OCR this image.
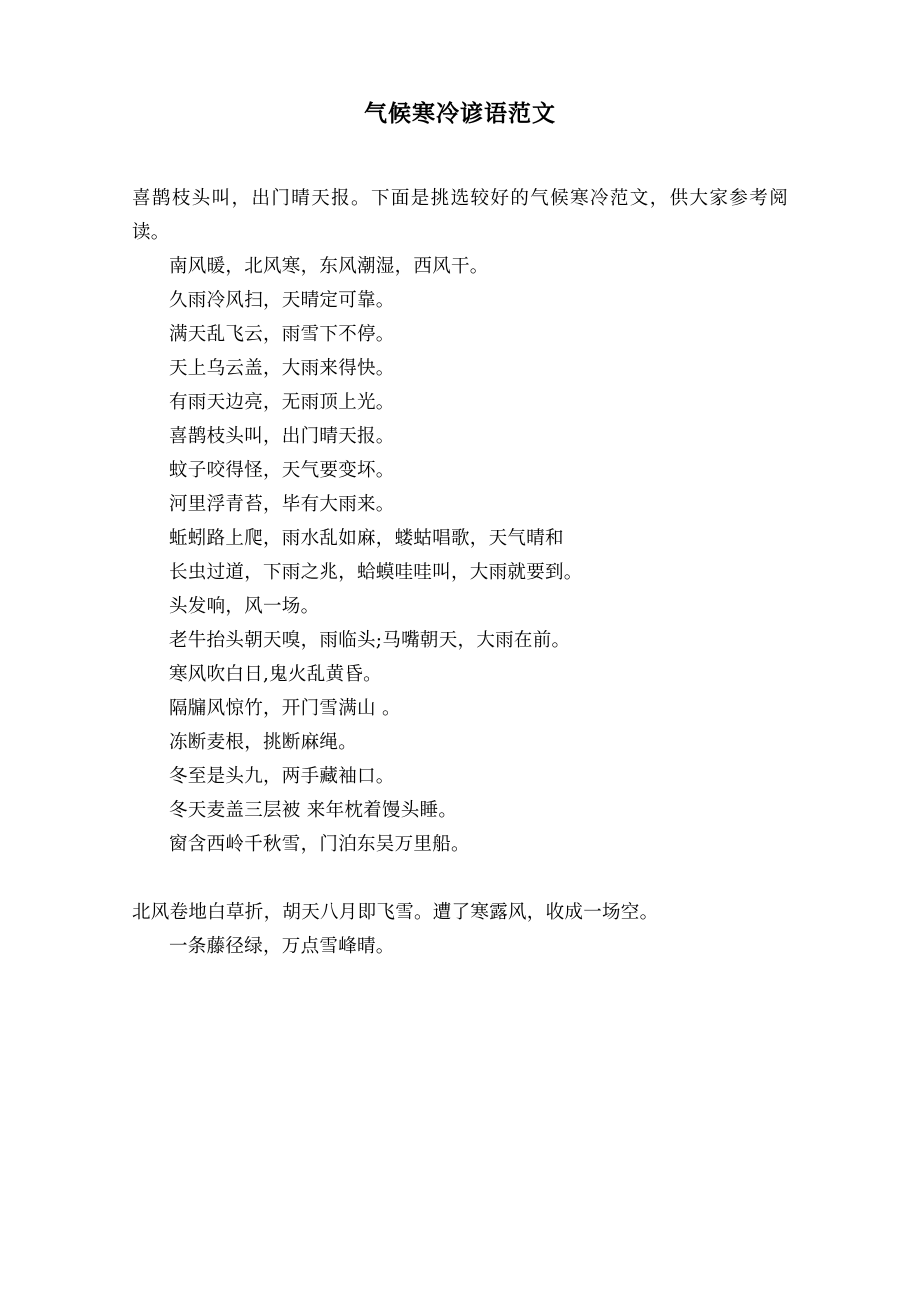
气候寒冷谚语范文

喜鹊枝头叫，出门晴天报。下面是挑选较好的气候寒冷范文，供大家参考阅读。

南风暖，北风寒，东风潮湿，西风干。

久雨冷风扫，天晴定可靠。

满天乱飞云，雨雪下不停。

天上乌云盖，大雨来得快。

有雨天边亮，无雨顶上光。

喜鹊枝头叫，出门晴天报。

蚊子咬得怪，天气要变坏。

河里浮青苔，毕有大雨来。

蚯蚓路上爬，雨水乱如麻，蝼蛄唱歌，天气晴和

长虫过道，下雨之兆，蛤蟆哇哇叫，大雨就要到。

头发响，风一场。

老牛抬头朝天嗅，雨临头;马嘴朝天，大雨在前。

寒风吹白日,鬼火乱黄昏。

隔牖风惊竹，开门雪满山 。

冻断麦根，挑断麻绳。

冬至是头九，两手藏袖口。

冬天麦盖三层被 来年枕着馒头睡。

窗含西岭千秋雪，门泊东吴万里船。

北风卷地白草折，胡天八月即飞雪。遭了寒露风，收成一场空。

一条藤径绿，万点雪峰晴。
